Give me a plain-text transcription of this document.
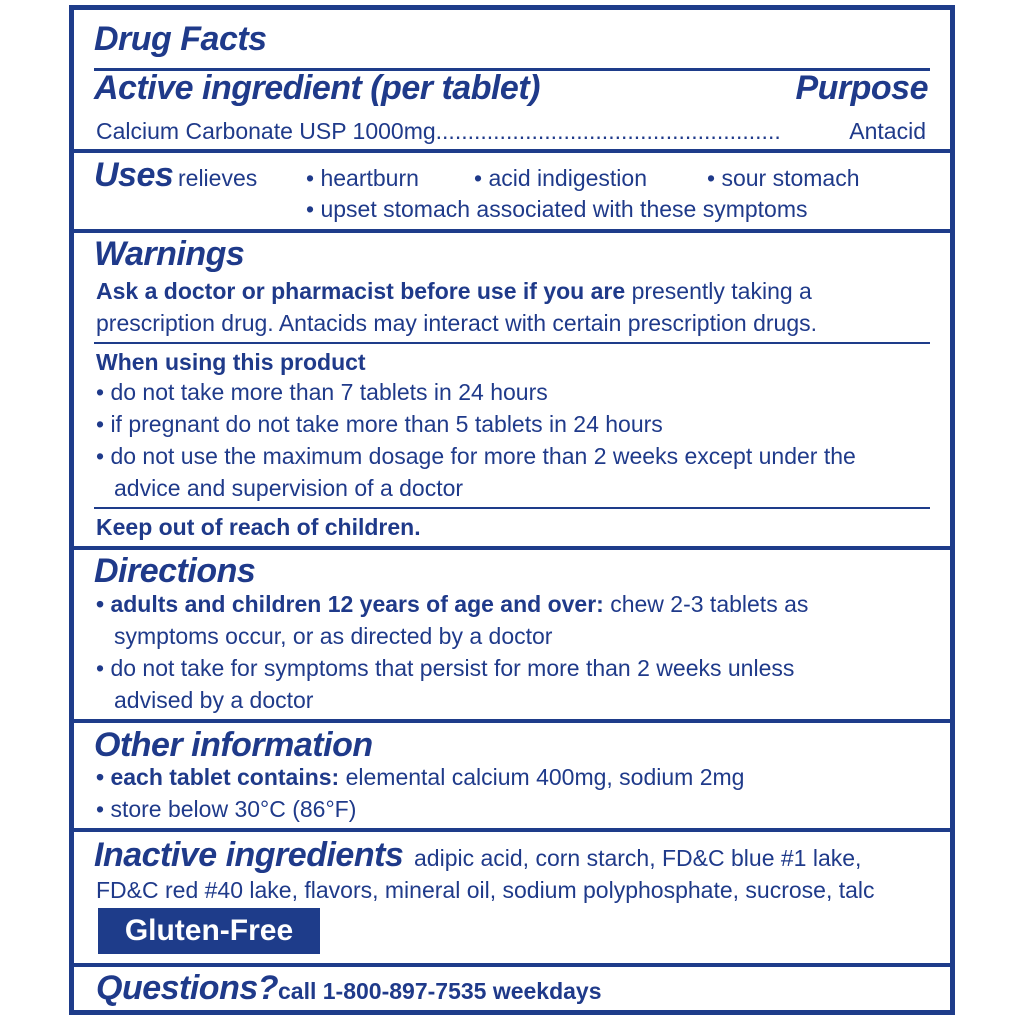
Drug Facts
Active ingredient (per tablet)	Purpose
Calcium Carbonate USP 1000mg......................................................	Antacid
Uses relieves • heartburn • acid indigestion	• sour stomach
• upset stomach associated with these symptoms
Warnings
Ask a doctor or pharmacist before use if you are presently taking a
prescription drug. Antacids may interact with certain prescription drugs.
When using this product
• do not take more than 7 tablets in 24 hours
• if pregnant do not take more than 5 tablets in 24 hours
• do not use the maximum dosage for more than 2 weeks except under the
advice and supervision of a doctor
Keep out of reach of children.
Directions
• adults and children 12 years of age and over: chew 2-3 tablets as
symptoms occur, or as directed by a doctor
• do not take for symptoms that persist for more than 2 weeks unless
advised by a doctor
Other information
• each tablet contains: elemental calcium 400mg, sodium 2mg
• store below 30°C (86°F)
Inactive ingredients adipic acid, corn starch, FD&C blue #1 lake,
FD&C red #40 lake, flavors, mineral oil, sodium polyphosphate, sucrose, talc
Gluten-Free
Questions? call 1-800-897-7535 weekdays
